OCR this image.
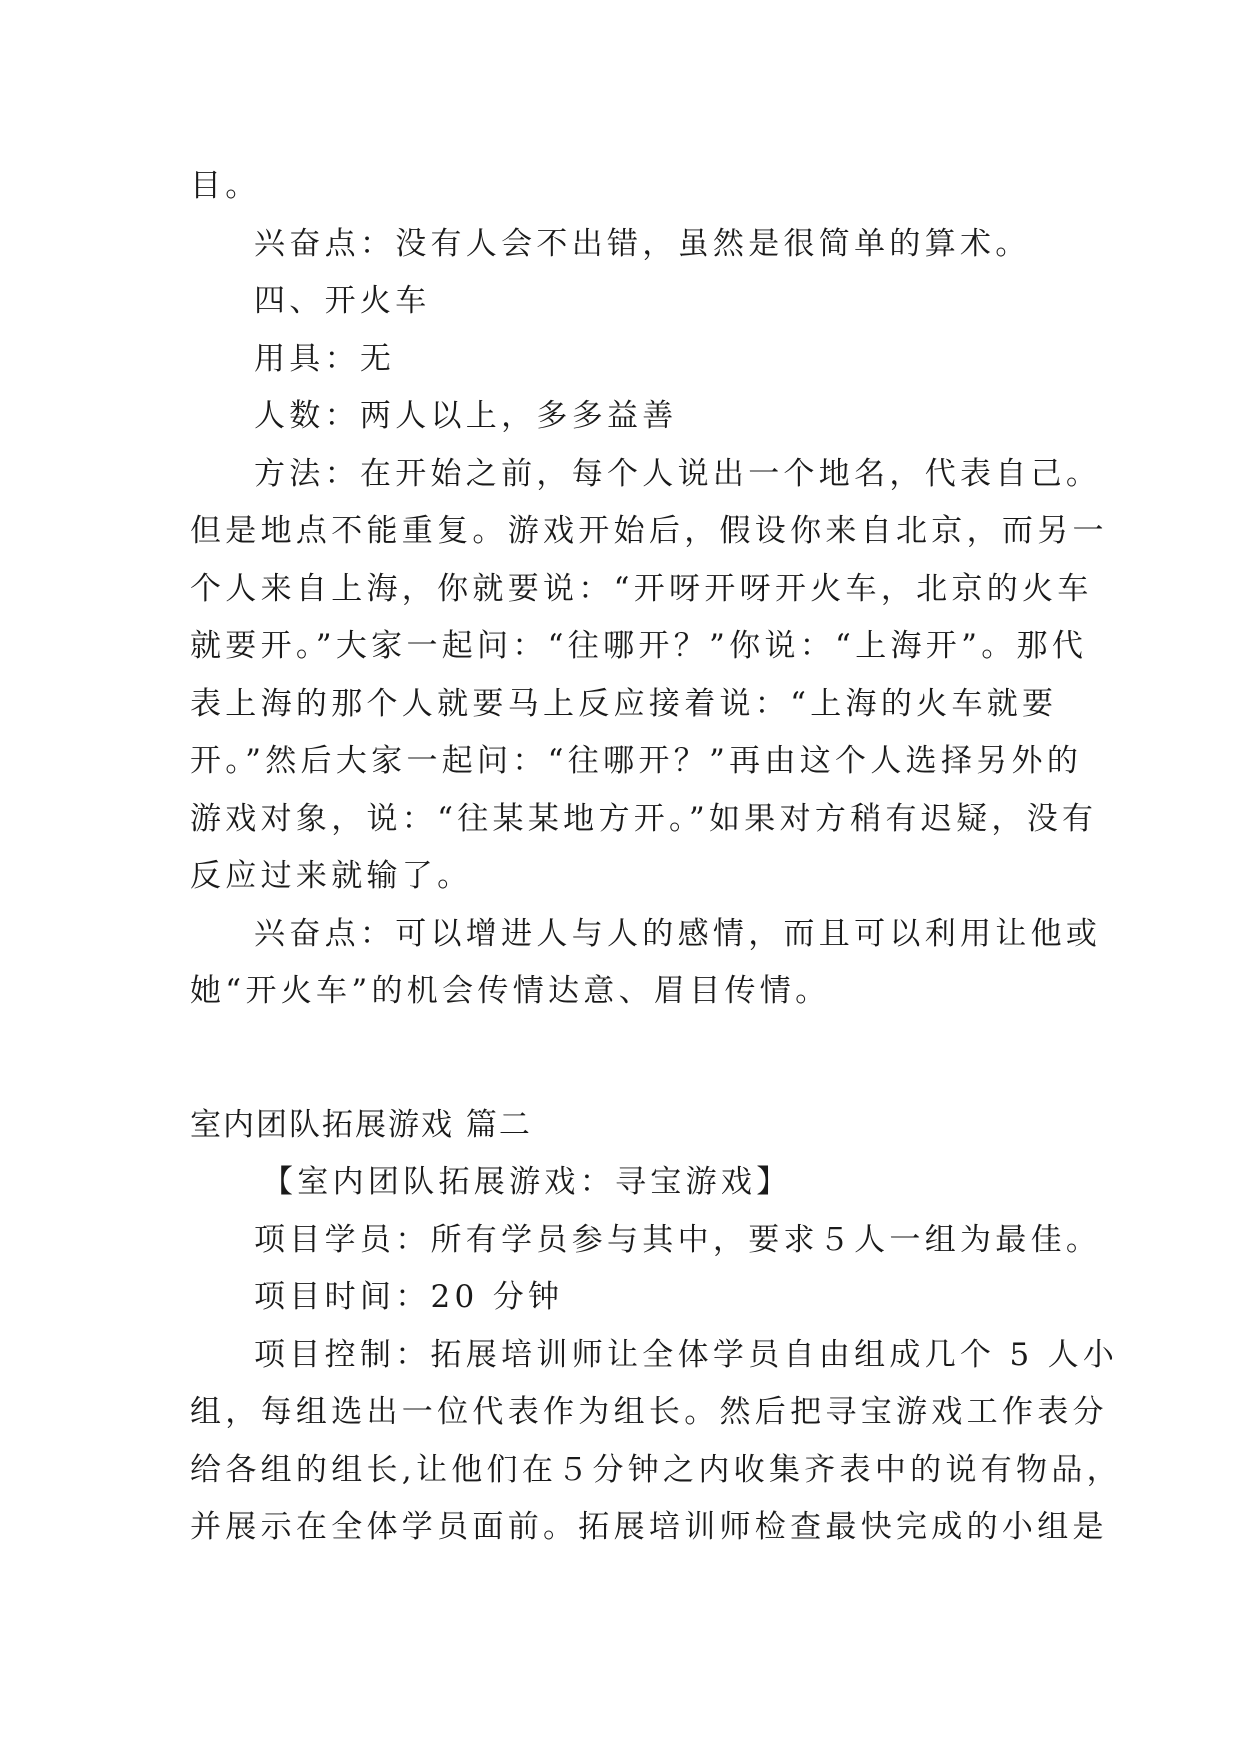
目。

兴奋点：没有人会不出错，虽然是很简单的算术。

四、开火车

用具：无

人数：两人以上，多多益善

方法：在开始之前，每个人说出一个地名，代表自己。

但是地点不能重复。游戏开始后，假设你来自北京，而另一

个人来自上海，你就要说：“开呀开呀开火车，北京的火车

就要开。”大家一起问：“往哪开？”你说：“上海开”。那代

表上海的那个人就要马上反应接着说：“上海的火车就要

开。”然后大家一起问：“往哪开？”再由这个人选择另外的

游戏对象，说：“往某某地方开。”如果对方稍有迟疑，没有

反应过来就输了。

兴奋点：可以增进人与人的感情，而且可以利用让他或

她“开火车”的机会传情达意、眉目传情。

室内团队拓展游戏 篇二

【室内团队拓展游戏：寻宝游戏】

项目学员：所有学员参与其中，要求５人一组为最佳。

项目时间：20 分钟

项目控制：拓展培训师让全体学员自由组成几个 5 人小

组，每组选出一位代表作为组长。然后把寻宝游戏工作表分

给各组的组长,让他们在５分钟之内收集齐表中的说有物品，

并展示在全体学员面前。拓展培训师检查最快完成的小组是
